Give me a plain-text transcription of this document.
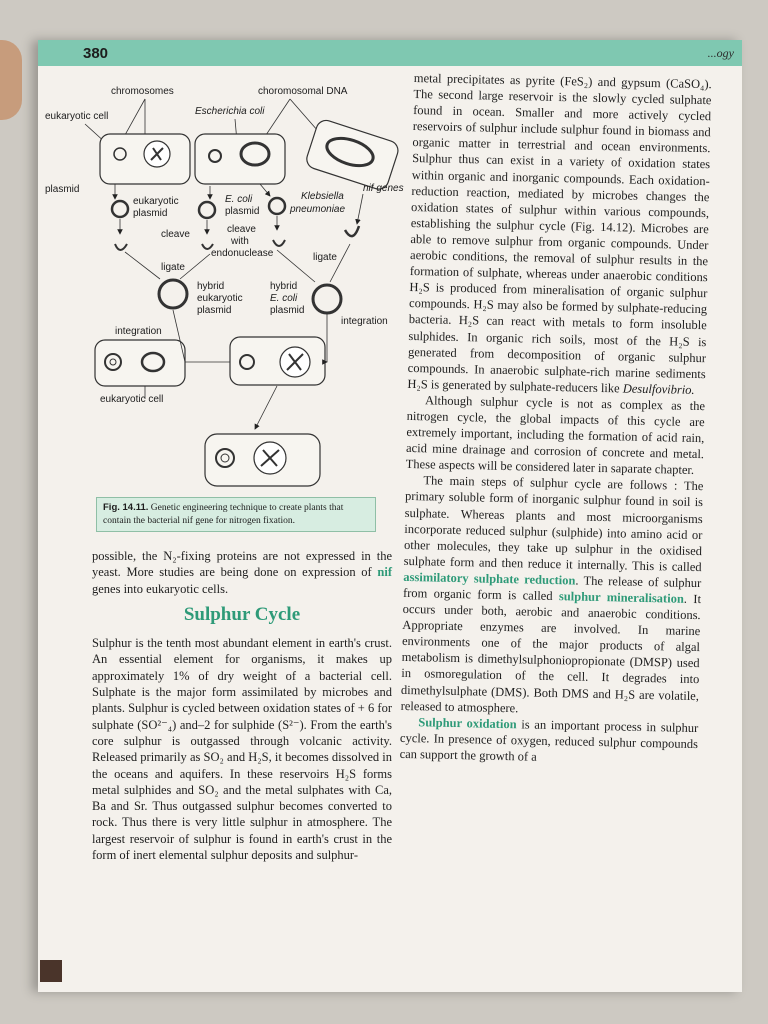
380	...ogy
chromosomes	choromosomal DNA
eukaryotic cell	Escherichia coli
plasmid	nif genes
eukaryotic
plasmid
E. coli
plasmid
Klebsiella
pneumoniae
cleave	cleave
with
endonuclease
ligate
ligate
hybrid
eukaryotic
plasmid
hybrid
E. coli
plasmid
integration
integration
eukaryotic cell
Fig. 14.11. Genetic engineering technique to create plants that contain the bacterial nif gene for nitrogen fixation.

possible, the N₂-fixing proteins are not expressed in the yeast. More studies are being done on expression of nif genes into eukaryotic cells.

Sulphur Cycle

Sulphur is the tenth most abundant element in earth's crust. An essential element for organisms, it makes up approximately 1% of dry weight of a bacterial cell. Sulphate is the major form assimilated by microbes and plants. Sulphur is cycled between oxidation states of + 6 for sulphate (SO²⁻₄) and–2 for sulphide (S²⁻). From the earth's core sulphur is outgassed through volcanic activity. Released primarily as SO₂ and H₂S, it becomes dissolved in the oceans and aquifers. In these reservoirs H₂S forms metal sulphides and SO₂ and the metal sulphates with Ca, Ba and Sr. Thus outgassed sulphur becomes converted to rock. Thus there is very little sulphur in atmosphere. The largest reservoir of sulphur is found in earth's crust in the form of inert elemental sulphur deposits and sulphur-

metal precipitates as pyrite (FeS₂) and gypsum (CaSO₄). The second large reservoir is the slowly cycled sulphate found in ocean. Smaller and more actively cycled reservoirs of sulphur include sulphur found in biomass and organic matter in terrestrial and ocean environments. Sulphur thus can exist in a variety of oxidation states within organic and inorganic compounds. Each oxidation-reduction reaction, mediated by microbes changes the oxidation states of sulphur within various compounds, establishing the sulphur cycle (Fig. 14.12). Microbes are able to remove sulphur from organic compounds. Under aerobic conditions, the removal of sulphur results in the formation of sulphate, whereas under anaerobic conditions H₂S is produced from mineralisation of organic sulphur compounds. H₂S may also be formed by sulphate-reducing bacteria. H₂S can react with metals to form insoluble sulphides. In organic rich soils, most of the H₂S is generated from decomposition of organic sulphur compounds. In anaerobic sulphate-rich marine sediments H₂S is generated by sulphate-reducers like Desulfovibrio.

Although sulphur cycle is not as complex as the nitrogen cycle, the global impacts of this cycle are extremely important, including the formation of acid rain, acid mine drainage and corrosion of concrete and metal. These aspects will be considered later in saparate chapter.

The main steps of sulphur cycle are follows : The primary soluble form of inorganic sulphur found in soil is sulphate. Whereas plants and most microorganisms incorporate reduced sulphur (sulphide) into amino acid or other molecules, they take up sulphur in the oxidised sulphate form and then reduce it internally. This is called assimilatory sulphate reduction. The release of sulphur from organic form is called sulphur mineralisation. It occurs under both, aerobic and anaerobic conditions. Appropriate enzymes are involved. In marine environments one of the major products of algal metabolism is dimethylsulphoniopropionate (DMSP) used in osmoregulation of the cell. It degrades into dimethylsulphate (DMS). Both DMS and H₂S are volatile, released to atmosphere.

Sulphur oxidation is an important process in sulphur cycle. In presence of oxygen, reduced sulphur compounds can support the growth of a
